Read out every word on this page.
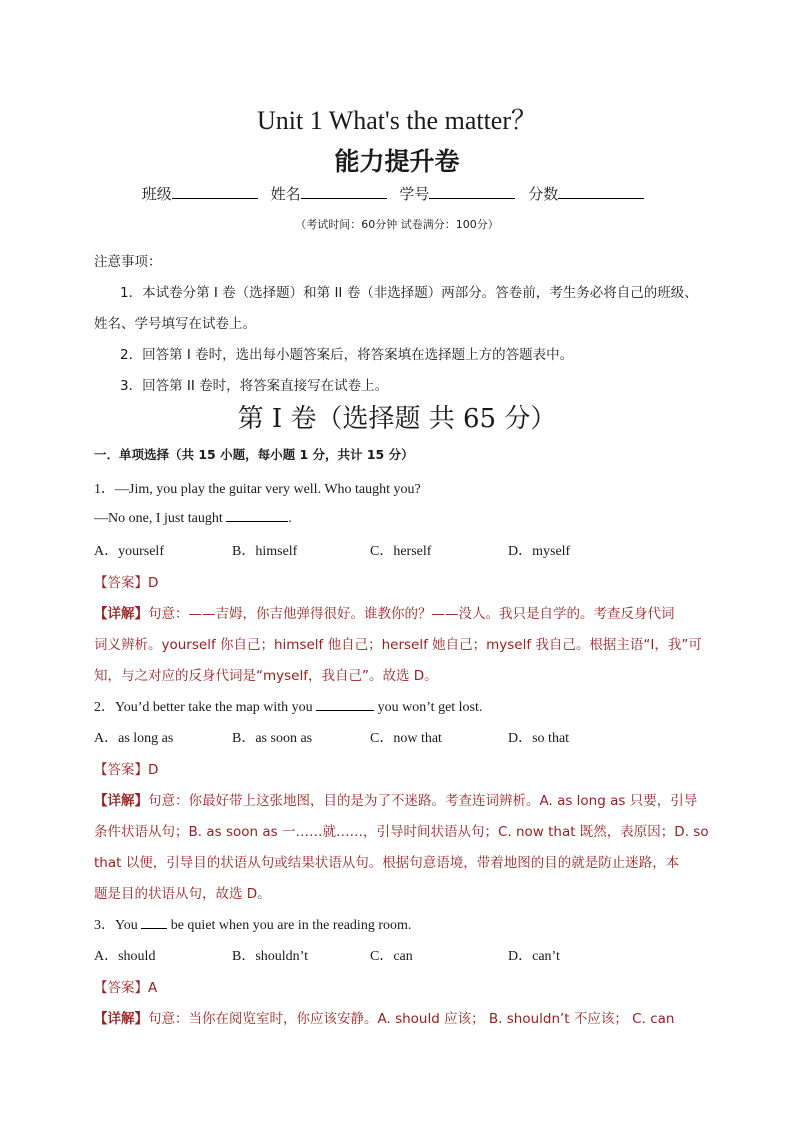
Unit 1 What's the matter？
能力提升卷
班级	姓名	学号	分数
（考试时间：60分钟 试卷满分：100分）
注意事项：
1．本试卷分第 I 卷（选择题）和第 II 卷（非选择题）两部分。答卷前，考生务必将自己的班级、
姓名、学号填写在试卷上。
2．回答第 I 卷时，选出每小题答案后，将答案填在选择题上方的答题表中。
3．回答第 II 卷时，将答案直接写在试卷上。
第 I 卷（选择题 共 65 分）
一．单项选择（共 15 小题，每小题 1 分，共计 15 分）
1．—Jim, you play the guitar very well. Who taught you?
—No one, I just taught	.
A．yourself	B．himself	C．herself	D．myself
【答案】D
【详解】句意：——吉姆，你吉他弹得很好。谁教你的？——没人。我只是自学的。考查反身代词
词义辨析。yourself 你自己；himself 他自己；herself 她自己；myself 我自己。根据主语“I，我”可
知，与之对应的反身代词是“myself，我自己”。故选 D。
2．You’d better take the map with you	you won’t get lost.
A．as long as	B．as soon as	C．now that	D．so that
【答案】D
【详解】句意：你最好带上这张地图，目的是为了不迷路。考查连词辨析。A. as long as 只要，引导
条件状语从句；B. as soon as 一……就……，引导时间状语从句；C. now that 既然，表原因；D. so
that 以便，引导目的状语从句或结果状语从句。根据句意语境，带着地图的目的就是防止迷路，本
题是目的状语从句，故选 D。
3．You  be quiet when you are in the reading room.
A．should	B．shouldn’t	C．can	D．can’t
【答案】A
【详解】句意：当你在阅览室时，你应该安静。A. should 应该； B. shouldn’t 不应该； C. can
